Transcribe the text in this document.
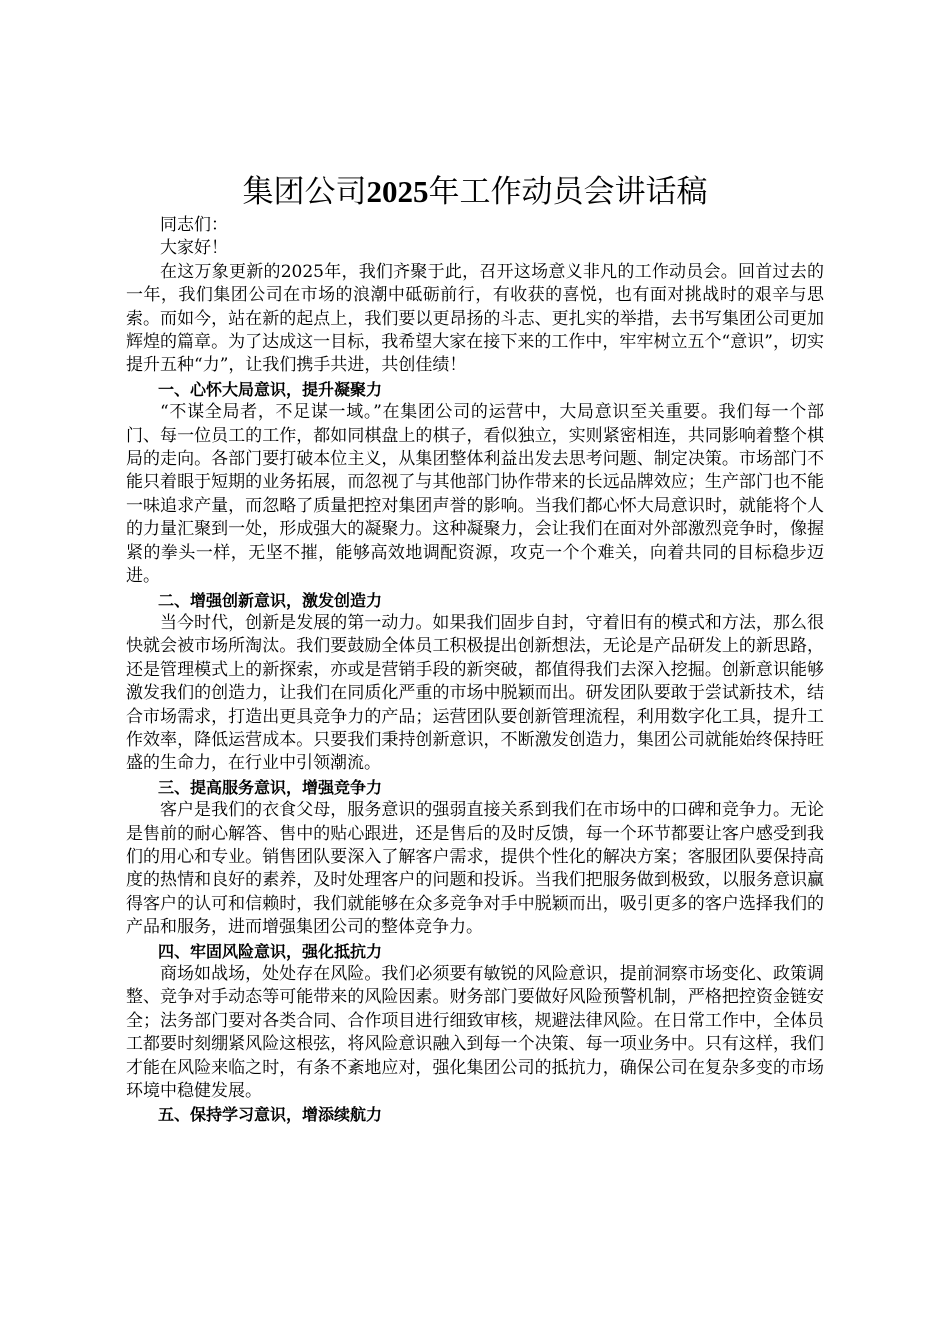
集团公司2025年工作动员会讲话稿

同志们：

大家好！

在这万象更新的2025年，我们齐聚于此，召开这场意义非凡的工作动员会。回首过去的一年，我们集团公司在市场的浪潮中砥砺前行，有收获的喜悦，也有面对挑战时的艰辛与思索。而如今，站在新的起点上，我们要以更昂扬的斗志、更扎实的举措，去书写集团公司更加辉煌的篇章。为了达成这一目标，我希望大家在接下来的工作中，牢牢树立五个“意识”，切实提升五种“力”，让我们携手共进，共创佳绩！

一、心怀大局意识，提升凝聚力

“不谋全局者，不足谋一域。”在集团公司的运营中，大局意识至关重要。我们每一个部门、每一位员工的工作，都如同棋盘上的棋子，看似独立，实则紧密相连，共同影响着整个棋局的走向。各部门要打破本位主义，从集团整体利益出发去思考问题、制定决策。市场部门不能只着眼于短期的业务拓展，而忽视了与其他部门协作带来的长远品牌效应；生产部门也不能一味追求产量，而忽略了质量把控对集团声誉的影响。当我们都心怀大局意识时，就能将个人的力量汇聚到一处，形成强大的凝聚力。这种凝聚力，会让我们在面对外部激烈竞争时，像握紧的拳头一样，无坚不摧，能够高效地调配资源，攻克一个个难关，向着共同的目标稳步迈进。

二、增强创新意识，激发创造力

当今时代，创新是发展的第一动力。如果我们固步自封，守着旧有的模式和方法，那么很快就会被市场所淘汰。我们要鼓励全体员工积极提出创新想法，无论是产品研发上的新思路，还是管理模式上的新探索，亦或是营销手段的新突破，都值得我们去深入挖掘。创新意识能够激发我们的创造力，让我们在同质化严重的市场中脱颖而出。研发团队要敢于尝试新技术，结合市场需求，打造出更具竞争力的产品；运营团队要创新管理流程，利用数字化工具，提升工作效率，降低运营成本。只要我们秉持创新意识，不断激发创造力，集团公司就能始终保持旺盛的生命力，在行业中引领潮流。

三、提高服务意识，增强竞争力

客户是我们的衣食父母，服务意识的强弱直接关系到我们在市场中的口碑和竞争力。无论是售前的耐心解答、售中的贴心跟进，还是售后的及时反馈，每一个环节都要让客户感受到我们的用心和专业。销售团队要深入了解客户需求，提供个性化的解决方案；客服团队要保持高度的热情和良好的素养，及时处理客户的问题和投诉。当我们把服务做到极致，以服务意识赢得客户的认可和信赖时，我们就能够在众多竞争对手中脱颖而出，吸引更多的客户选择我们的产品和服务，进而增强集团公司的整体竞争力。

四、牢固风险意识，强化抵抗力

商场如战场，处处存在风险。我们必须要有敏锐的风险意识，提前洞察市场变化、政策调整、竞争对手动态等可能带来的风险因素。财务部门要做好风险预警机制，严格把控资金链安全；法务部门要对各类合同、合作项目进行细致审核，规避法律风险。在日常工作中，全体员工都要时刻绷紧风险这根弦，将风险意识融入到每一个决策、每一项业务中。只有这样，我们才能在风险来临之时，有条不紊地应对，强化集团公司的抵抗力，确保公司在复杂多变的市场环境中稳健发展。

五、保持学习意识，增添续航力
